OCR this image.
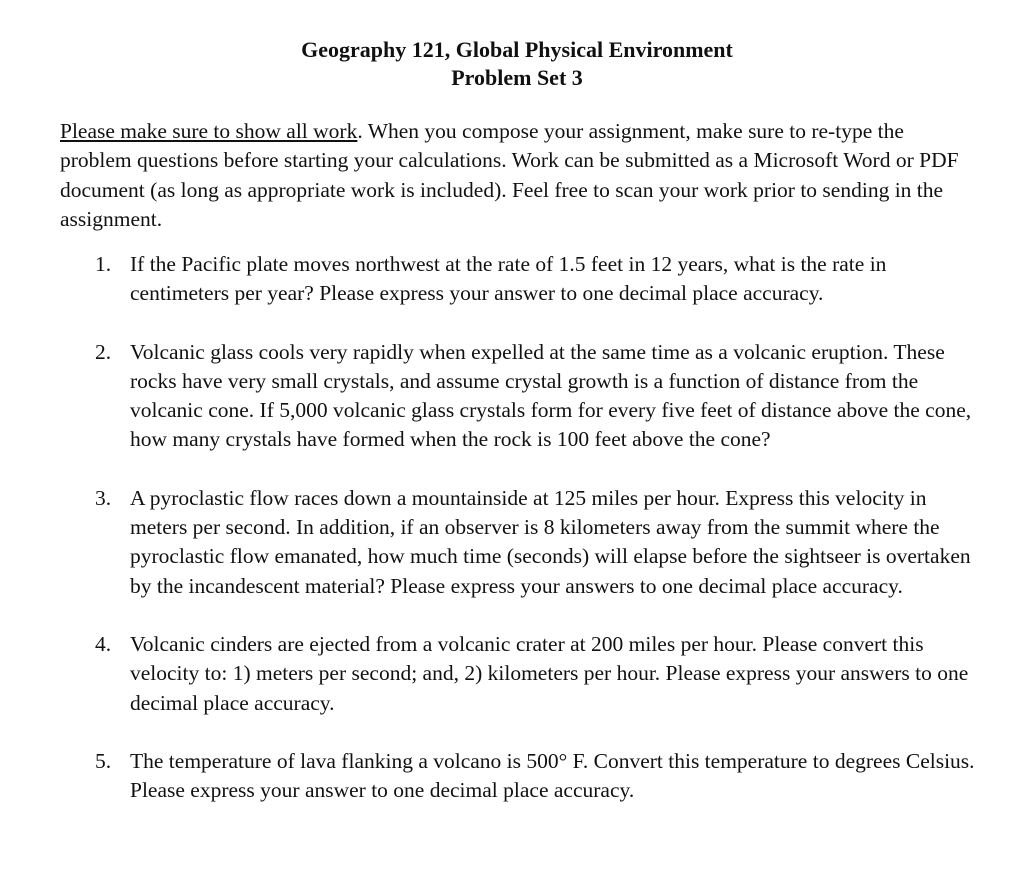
Geography 121, Global Physical Environment
Problem Set 3

Please make sure to show all work. When you compose your assignment, make sure to re-type the problem questions before starting your calculations. Work can be submitted as a Microsoft Word or PDF document (as long as appropriate work is included). Feel free to scan your work prior to sending in the assignment.

1. If the Pacific plate moves northwest at the rate of 1.5 feet in 12 years, what is the rate in centimeters per year? Please express your answer to one decimal place accuracy.
2. Volcanic glass cools very rapidly when expelled at the same time as a volcanic eruption. These rocks have very small crystals, and assume crystal growth is a function of distance from the volcanic cone. If 5,000 volcanic glass crystals form for every five feet of distance above the cone, how many crystals have formed when the rock is 100 feet above the cone?
3. A pyroclastic flow races down a mountainside at 125 miles per hour. Express this velocity in meters per second. In addition, if an observer is 8 kilometers away from the summit where the pyroclastic flow emanated, how much time (seconds) will elapse before the sightseer is overtaken by the incandescent material? Please express your answers to one decimal place accuracy.
4. Volcanic cinders are ejected from a volcanic crater at 200 miles per hour. Please convert this velocity to: 1) meters per second; and, 2) kilometers per hour. Please express your answers to one decimal place accuracy.
5. The temperature of lava flanking a volcano is 500° F. Convert this temperature to degrees Celsius. Please express your answer to one decimal place accuracy.
